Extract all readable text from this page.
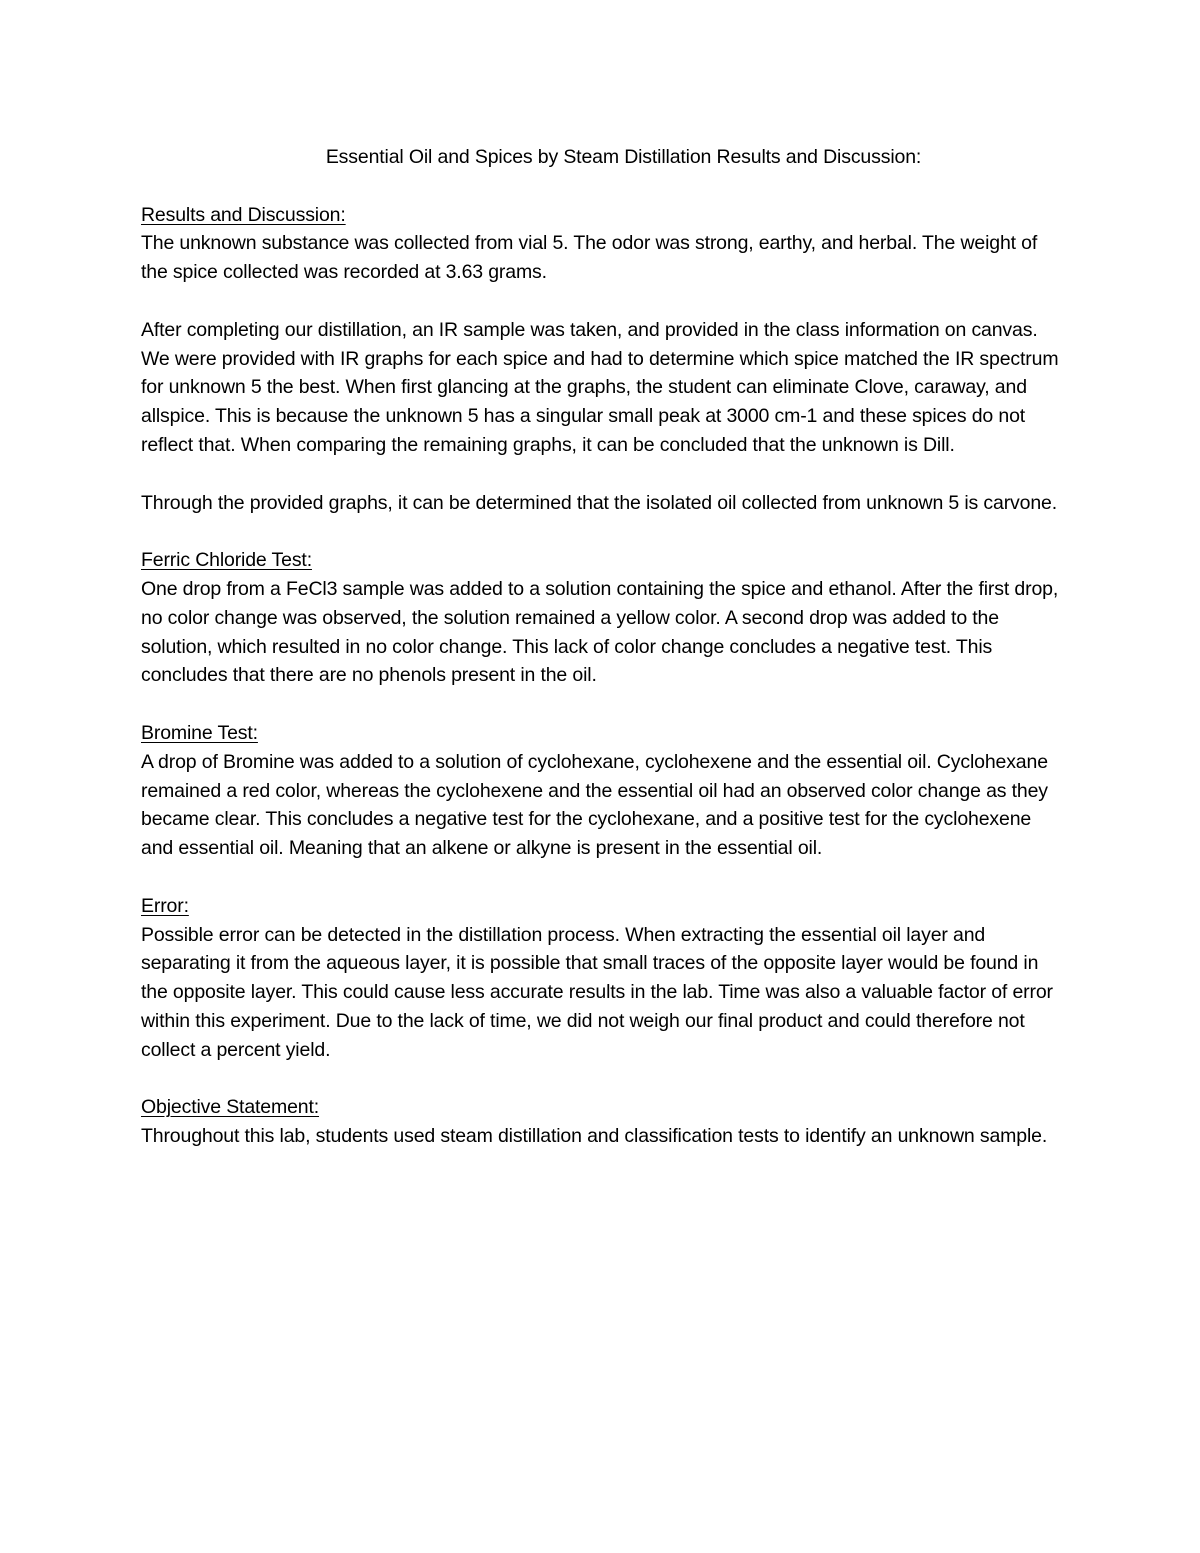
Essential Oil and Spices by Steam Distillation Results and Discussion:

Results and Discussion:

The unknown substance was collected from vial 5. The odor was strong, earthy, and herbal. The weight of the spice collected was recorded at 3.63 grams.

After completing our distillation, an IR sample was taken, and provided in the class information on canvas. We were provided with IR graphs for each spice and had to determine which spice matched the IR spectrum for unknown 5 the best. When first glancing at the graphs, the student can eliminate Clove, caraway, and allspice. This is because the unknown 5 has a singular small peak at 3000 cm-1 and these spices do not reflect that. When comparing the remaining graphs, it can be concluded that the unknown is Dill.

Through the provided graphs, it can be determined that the isolated oil collected from unknown 5 is carvone.

Ferric Chloride Test:

One drop from a FeCl3 sample was added to a solution containing the spice and ethanol. After the first drop, no color change was observed, the solution remained a yellow color. A second drop was added to the solution, which resulted in no color change. This lack of color change concludes a negative test. This concludes that there are no phenols present in the oil.

Bromine Test:

A drop of Bromine was added to a solution of cyclohexane, cyclohexene and the essential oil. Cyclohexane remained a red color, whereas the cyclohexene and the essential oil had an observed color change as they became clear. This concludes a negative test for the cyclohexane, and a positive test for the cyclohexene and essential oil. Meaning that an alkene or alkyne is present in the essential oil.

Error:

Possible error can be detected in the distillation process. When extracting the essential oil layer and separating it from the aqueous layer, it is possible that small traces of the opposite layer would be found in the opposite layer. This could cause less accurate results in the lab. Time was also a valuable factor of error within this experiment. Due to the lack of time, we did not weigh our final product and could therefore not collect a percent yield.

Objective Statement:

Throughout this lab, students used steam distillation and classification tests to identify an unknown sample.
